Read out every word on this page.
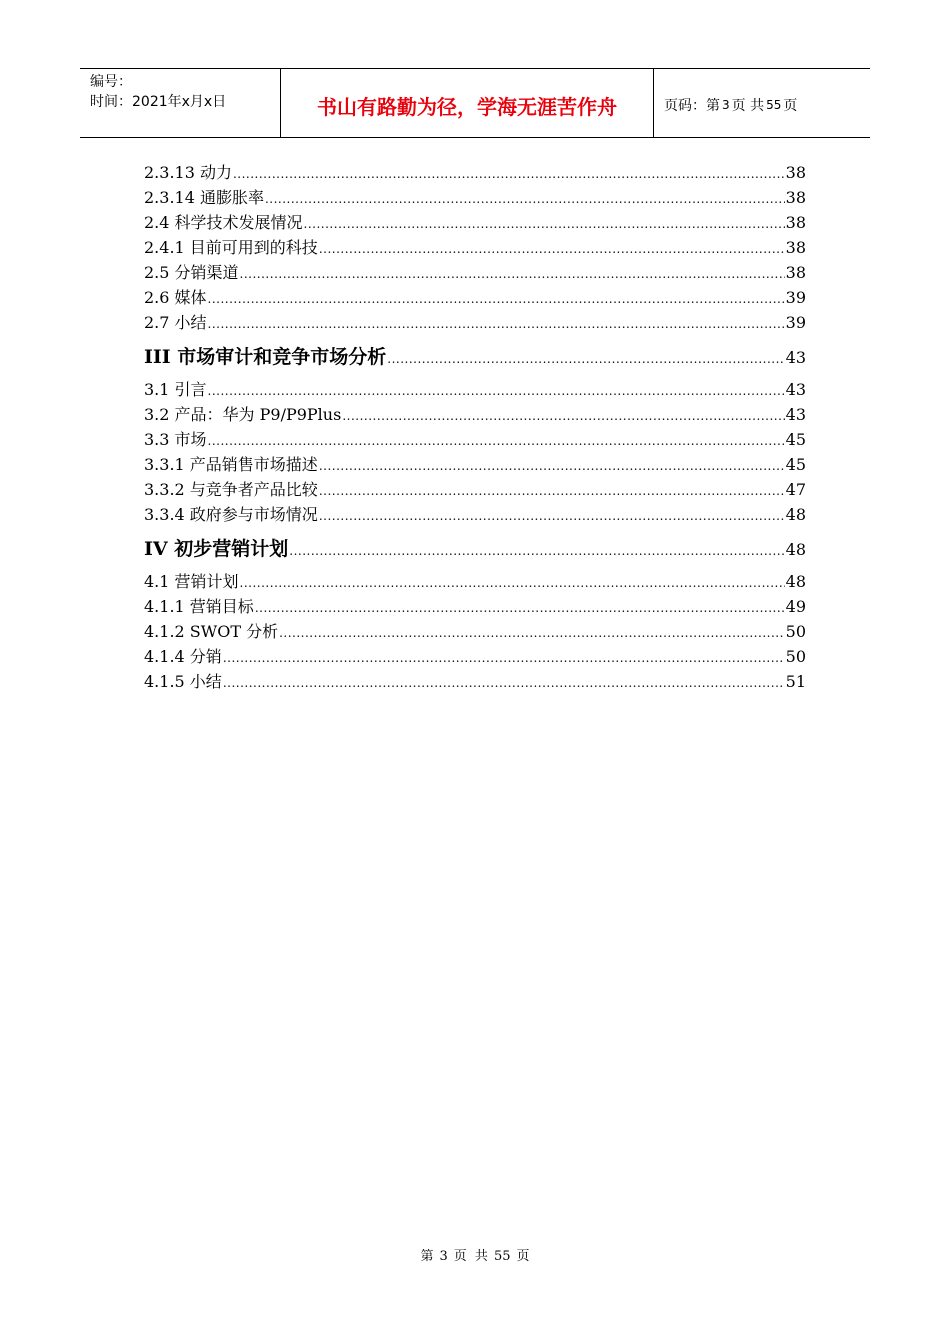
编号：
时间：2021年x月x日	书山有路勤为径，学海无涯苦作舟	页码：第 3 页 共 55 页
2.3.13 动力 .....	38
2.3.14 通膨胀率 .....	38
2.4 科学技术发展情况 .....	38
2.4.1 目前可用到的科技 .....	38
2.5 分销渠道 .....	38
2.6 媒体 .....	39
2.7 小结 .....	39
III 市场审计和竞争市场分析 .....	43
3.1 引言 .....	43
3.2 产品：华为 P9/P9Plus .....	43
3.3 市场 .....	45
3.3.1 产品销售市场描述 .....	45
3.3.2 与竞争者产品比较 .....	47
3.3.4 政府参与市场情况 .....	48
IV 初步营销计划 .....	48
4.1 营销计划 .....	48
4.1.1 营销目标 .....	49
4.1.2 SWOT 分析 .....	50
4.1.4 分销 .....	50
4.1.5 小结 .....	51
第 3 页 共 55 页
